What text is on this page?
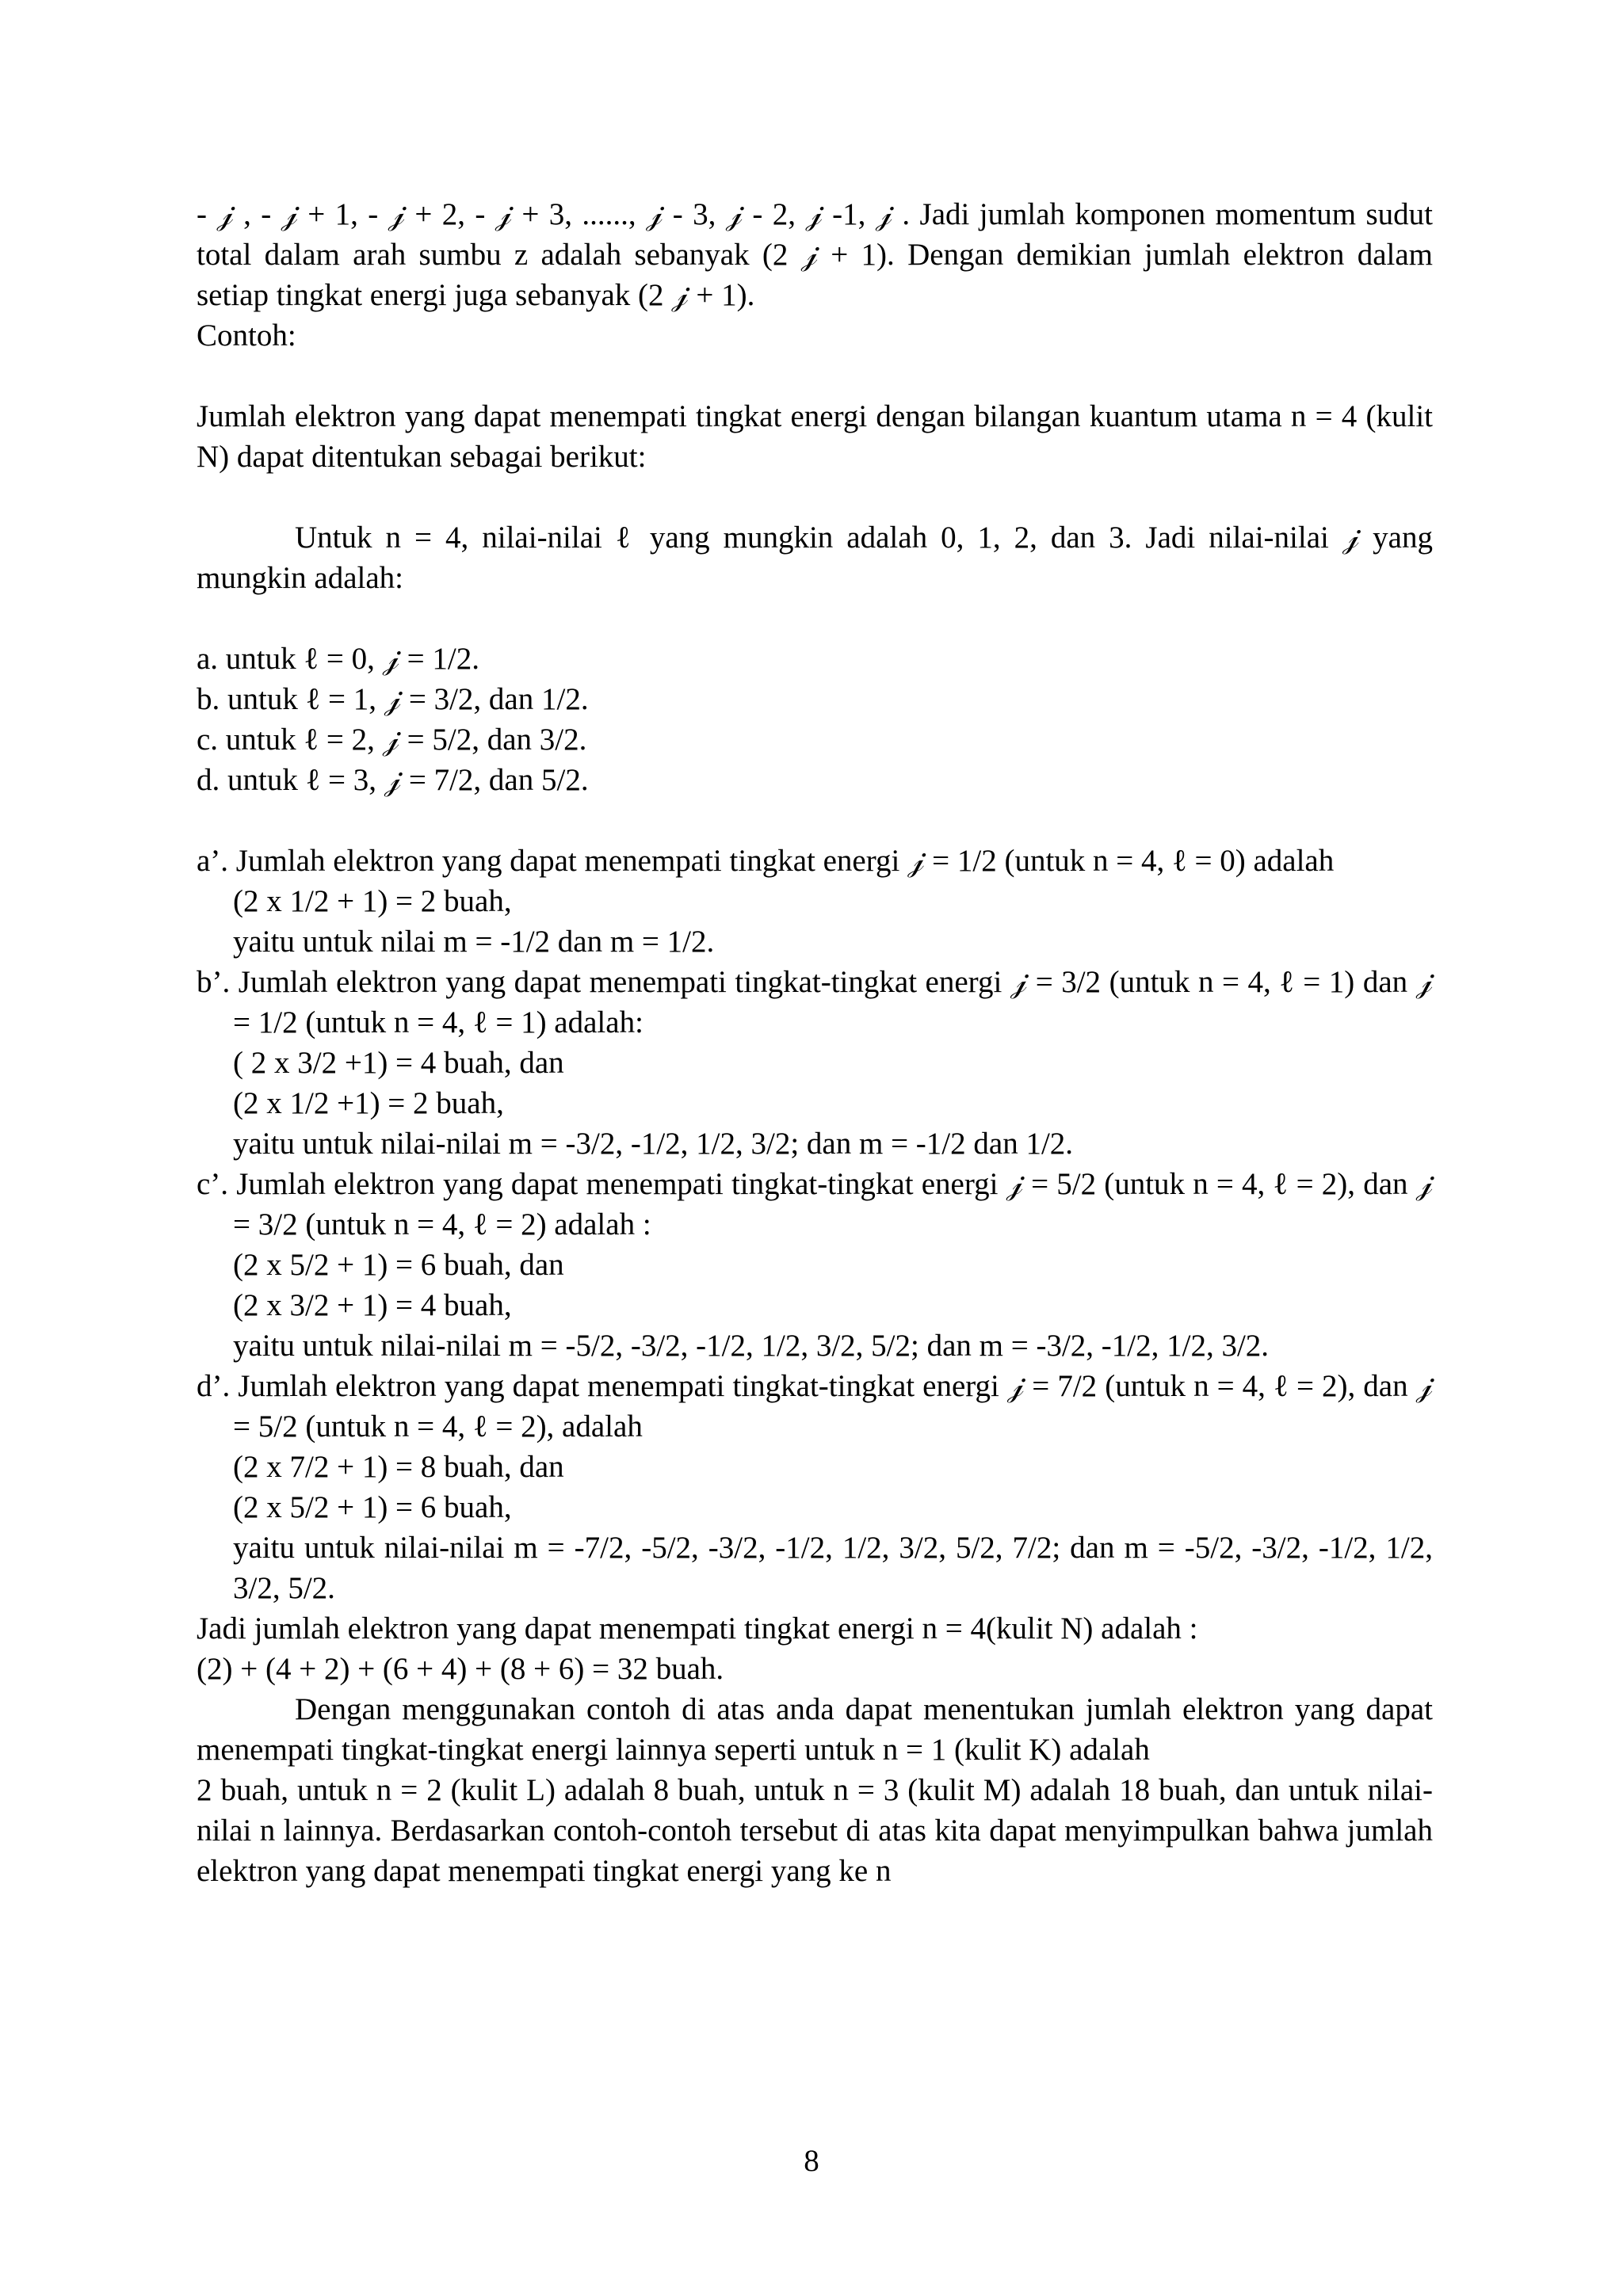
- 𝒿 , - 𝒿 + 1, - 𝒿 + 2, - 𝒿 + 3, ......, 𝒿 - 3, 𝒿 - 2, 𝒿 -1, 𝒿 . Jadi jumlah komponen momentum sudut total dalam arah sumbu z adalah sebanyak (2 𝒿 + 1). Dengan demikian jumlah elektron dalam setiap tingkat energi juga sebanyak (2 𝒿 + 1).

Contoh:

Jumlah elektron yang dapat menempati tingkat energi dengan bilangan kuantum utama n = 4 (kulit N) dapat ditentukan sebagai berikut:

Untuk n = 4, nilai-nilai ℓ yang mungkin adalah 0, 1, 2, dan 3. Jadi nilai-nilai 𝒿 yang mungkin adalah:

a. untuk ℓ = 0, 𝒿 = 1/2.

b. untuk ℓ = 1, 𝒿 = 3/2, dan 1/2.

c. untuk ℓ = 2, 𝒿 = 5/2, dan 3/2.

d. untuk ℓ = 3, 𝒿 = 7/2, dan 5/2.

a’. Jumlah elektron yang dapat menempati tingkat energi 𝒿 = 1/2 (untuk n = 4, ℓ = 0) adalah

(2 x 1/2 + 1) = 2 buah,

yaitu untuk nilai m = -1/2 dan m = 1/2.

b’. Jumlah elektron yang dapat menempati tingkat-tingkat energi 𝒿 = 3/2 (untuk n = 4, ℓ = 1) dan 𝒿 = 1/2 (untuk n = 4, ℓ = 1) adalah:

( 2 x 3/2 +1) = 4 buah, dan

(2 x 1/2 +1) = 2 buah,

yaitu untuk nilai-nilai m = -3/2, -1/2, 1/2, 3/2; dan m = -1/2 dan 1/2.

c’. Jumlah elektron yang dapat menempati tingkat-tingkat energi 𝒿 = 5/2 (untuk n = 4, ℓ = 2), dan 𝒿 = 3/2 (untuk n = 4, ℓ = 2) adalah :

(2 x 5/2 + 1) = 6 buah, dan

(2 x 3/2 + 1) = 4 buah,

yaitu untuk nilai-nilai m = -5/2, -3/2, -1/2, 1/2, 3/2, 5/2; dan m = -3/2, -1/2, 1/2, 3/2.

d’. Jumlah elektron yang dapat menempati tingkat-tingkat energi 𝒿 = 7/2 (untuk n = 4, ℓ = 2), dan 𝒿 = 5/2 (untuk n = 4, ℓ = 2), adalah

(2 x 7/2 + 1) = 8 buah, dan

(2 x 5/2 + 1) = 6 buah,

yaitu untuk nilai-nilai m = -7/2, -5/2, -3/2, -1/2, 1/2, 3/2, 5/2, 7/2; dan m = -5/2, -3/2, -1/2, 1/2, 3/2, 5/2.

Jadi jumlah elektron yang dapat menempati tingkat energi n = 4(kulit N) adalah :

(2) + (4 + 2) + (6 + 4) + (8 + 6) = 32 buah.

Dengan menggunakan contoh di atas anda dapat menentukan jumlah elektron yang dapat menempati tingkat-tingkat energi lainnya seperti untuk n = 1 (kulit K) adalah
2 buah, untuk n = 2 (kulit L) adalah 8 buah, untuk n = 3 (kulit M) adalah 18 buah, dan untuk nilai-nilai n lainnya. Berdasarkan contoh-contoh tersebut di atas kita dapat menyimpulkan bahwa jumlah elektron yang dapat menempati tingkat energi yang ke n

8
